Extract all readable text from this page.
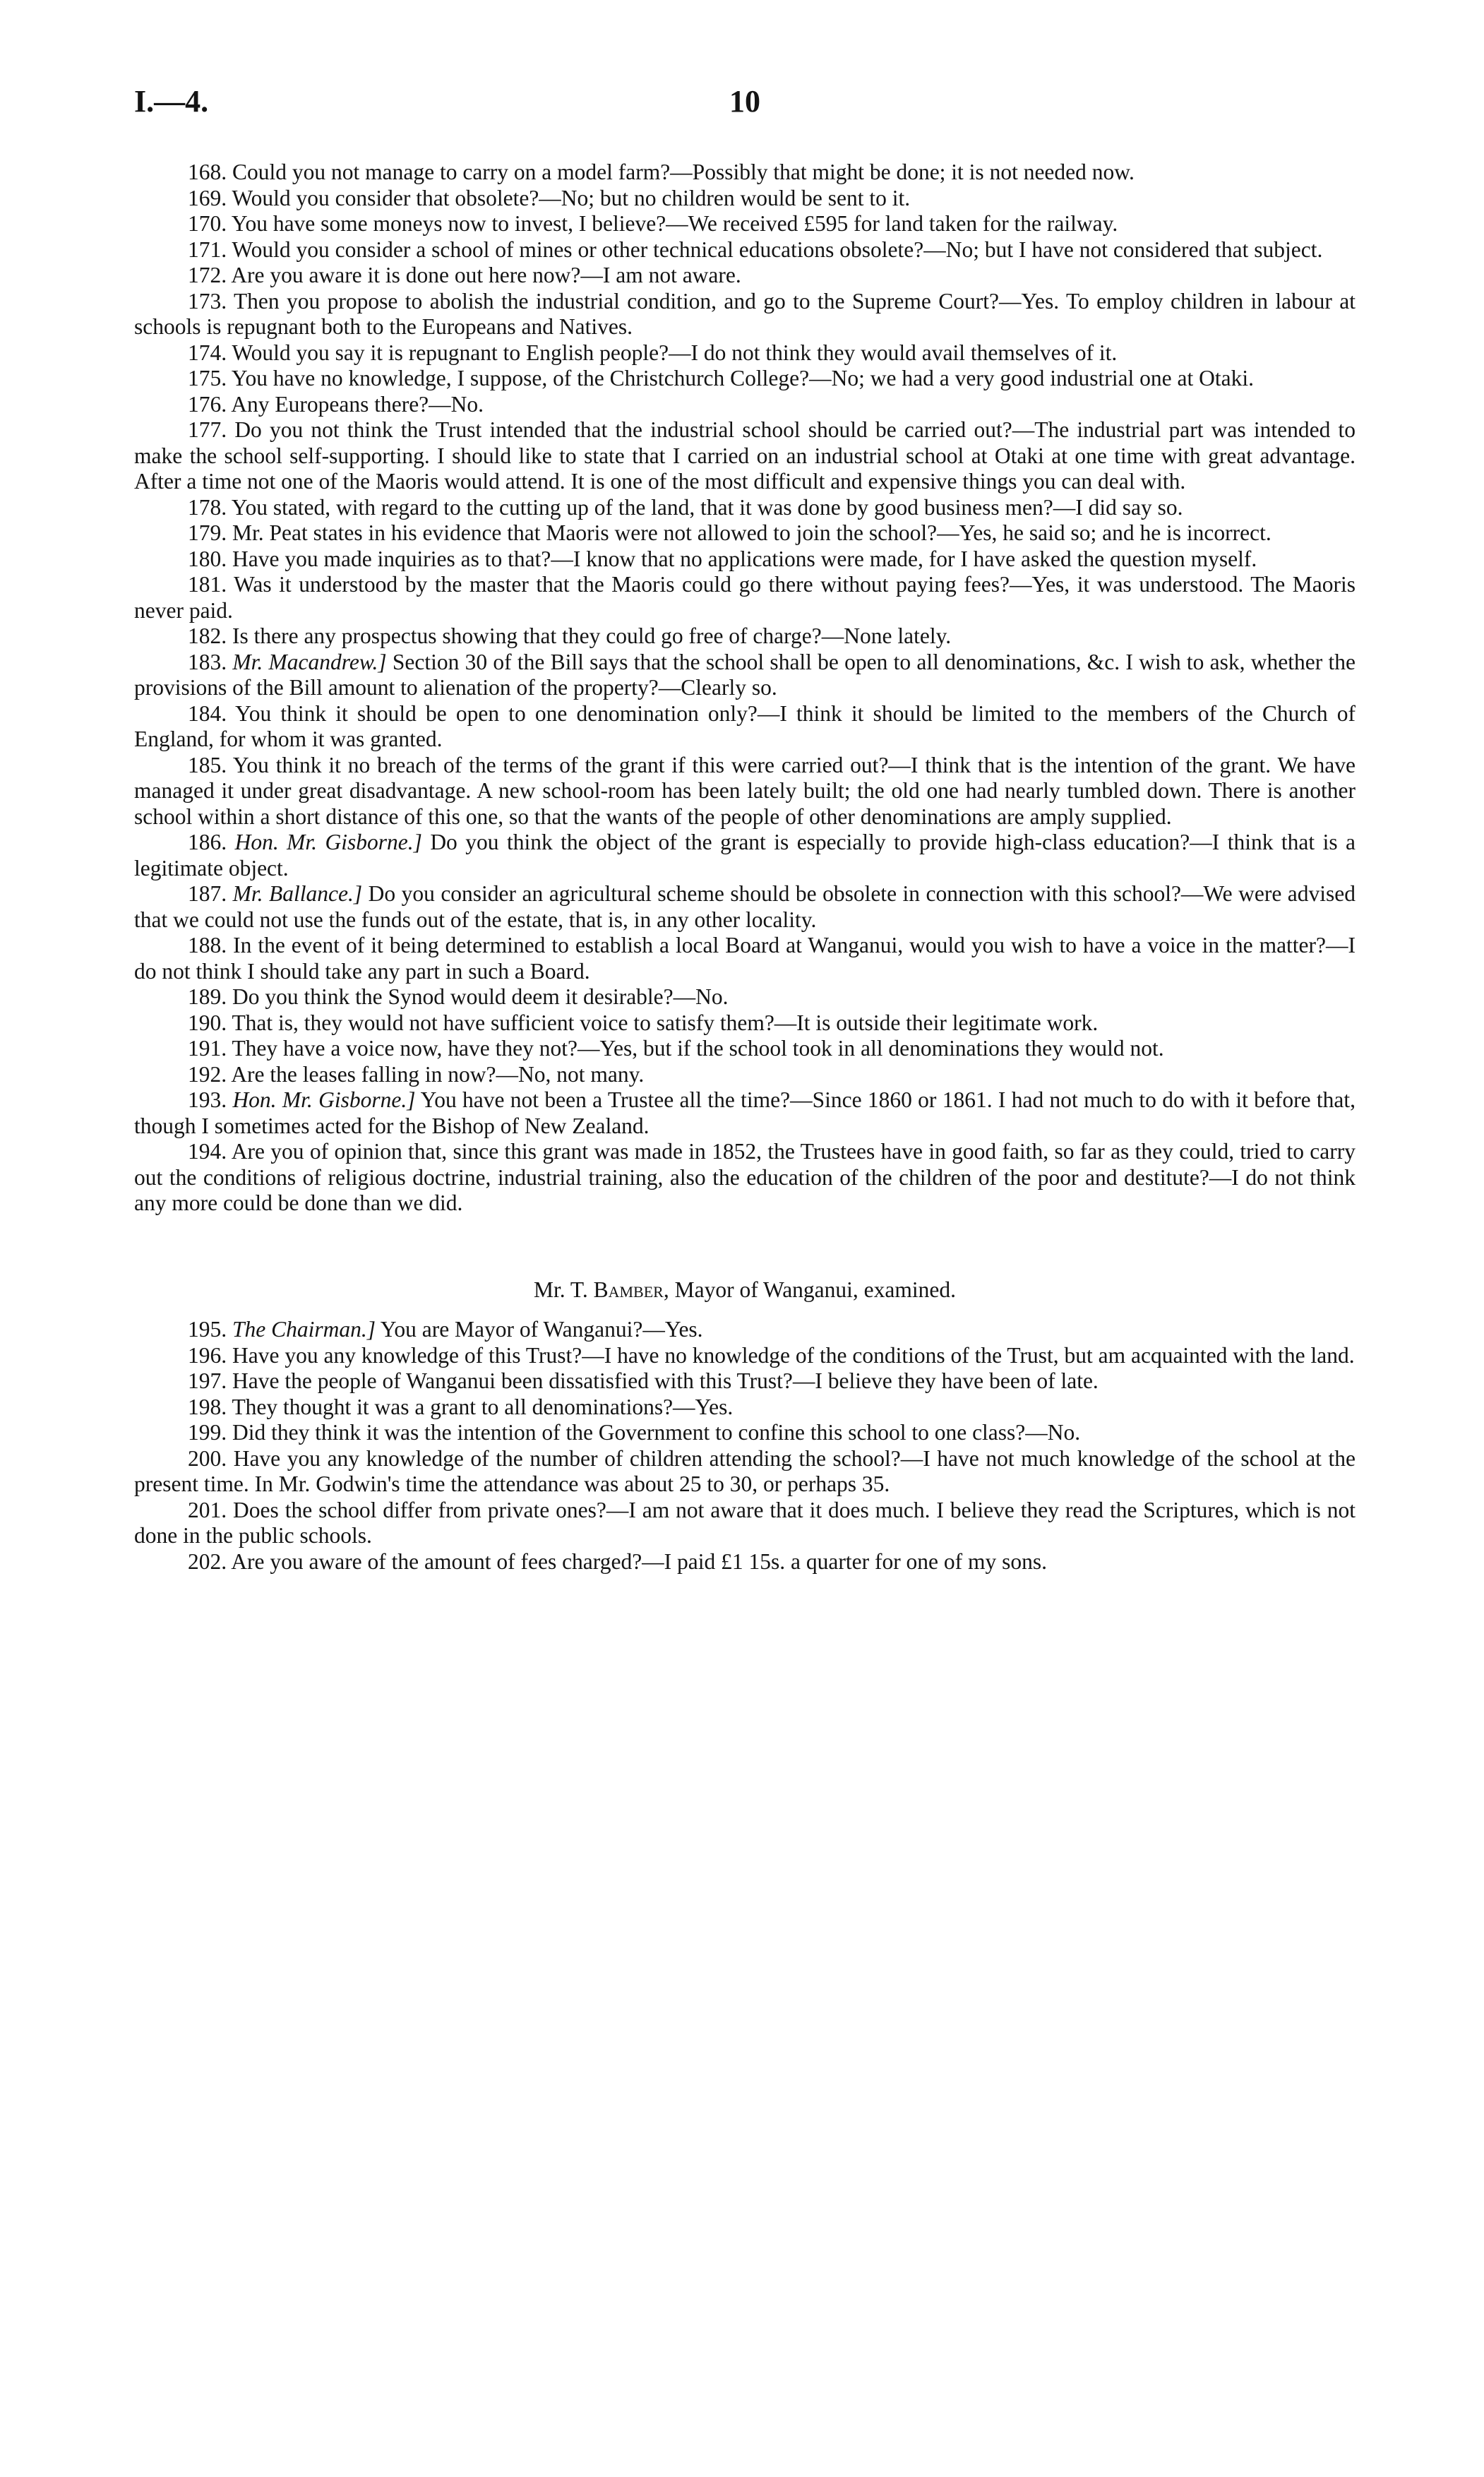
10
I.—4.

168. Could you not manage to carry on a model farm?—Possibly that might be done; it is not needed now.

169. Would you consider that obsolete?—No; but no children would be sent to it.

170. You have some moneys now to invest, I believe?—We received £595 for land taken for the railway.

171. Would you consider a school of mines or other technical educations obsolete?—No; but I have not considered that subject.

172. Are you aware it is done out here now?—I am not aware.

173. Then you propose to abolish the industrial condition, and go to the Supreme Court?—Yes. To employ children in labour at schools is repugnant both to the Europeans and Natives.

174. Would you say it is repugnant to English people?—I do not think they would avail themselves of it.

175. You have no knowledge, I suppose, of the Christchurch College?—No; we had a very good industrial one at Otaki.

176. Any Europeans there?—No.

177. Do you not think the Trust intended that the industrial school should be carried out?—The industrial part was intended to make the school self-supporting. I should like to state that I carried on an industrial school at Otaki at one time with great advantage. After a time not one of the Maoris would attend. It is one of the most difficult and expensive things you can deal with.

178. You stated, with regard to the cutting up of the land, that it was done by good business men?—I did say so.

179. Mr. Peat states in his evidence that Maoris were not allowed to join the school?—Yes, he said so; and he is incorrect.

180. Have you made inquiries as to that?—I know that no applications were made, for I have asked the question myself.

181. Was it understood by the master that the Maoris could go there without paying fees?—Yes, it was understood. The Maoris never paid.

182. Is there any prospectus showing that they could go free of charge?—None lately.

183. Mr. Macandrew.] Section 30 of the Bill says that the school shall be open to all denominations, &c. I wish to ask, whether the provisions of the Bill amount to alienation of the property?—Clearly so.

184. You think it should be open to one denomination only?—I think it should be limited to the members of the Church of England, for whom it was granted.

185. You think it no breach of the terms of the grant if this were carried out?—I think that is the intention of the grant. We have managed it under great disadvantage. A new school-room has been lately built; the old one had nearly tumbled down. There is another school within a short distance of this one, so that the wants of the people of other denominations are amply supplied.

186. Hon. Mr. Gisborne.] Do you think the object of the grant is especially to provide high-class education?—I think that is a legitimate object.

187. Mr. Ballance.] Do you consider an agricultural scheme should be obsolete in connection with this school?—We were advised that we could not use the funds out of the estate, that is, in any other locality.

188. In the event of it being determined to establish a local Board at Wanganui, would you wish to have a voice in the matter?—I do not think I should take any part in such a Board.

189. Do you think the Synod would deem it desirable?—No.

190. That is, they would not have sufficient voice to satisfy them?—It is outside their legitimate work.

191. They have a voice now, have they not?—Yes, but if the school took in all denominations they would not.

192. Are the leases falling in now?—No, not many.

193. Hon. Mr. Gisborne.] You have not been a Trustee all the time?—Since 1860 or 1861. I had not much to do with it before that, though I sometimes acted for the Bishop of New Zealand.

194. Are you of opinion that, since this grant was made in 1852, the Trustees have in good faith, so far as they could, tried to carry out the conditions of religious doctrine, industrial training, also the education of the children of the poor and destitute?—I do not think any more could be done than we did.

Mr. T. Bamber, Mayor of Wanganui, examined.

195. The Chairman.] You are Mayor of Wanganui?—Yes.

196. Have you any knowledge of this Trust?—I have no knowledge of the conditions of the Trust, but am acquainted with the land.

197. Have the people of Wanganui been dissatisfied with this Trust?—I believe they have been of late.

198. They thought it was a grant to all denominations?—Yes.

199. Did they think it was the intention of the Government to confine this school to one class?—No.

200. Have you any knowledge of the number of children attending the school?—I have not much knowledge of the school at the present time. In Mr. Godwin's time the attendance was about 25 to 30, or perhaps 35.

201. Does the school differ from private ones?—I am not aware that it does much. I believe they read the Scriptures, which is not done in the public schools.

202. Are you aware of the amount of fees charged?—I paid £1 15s. a quarter for one of my sons.
